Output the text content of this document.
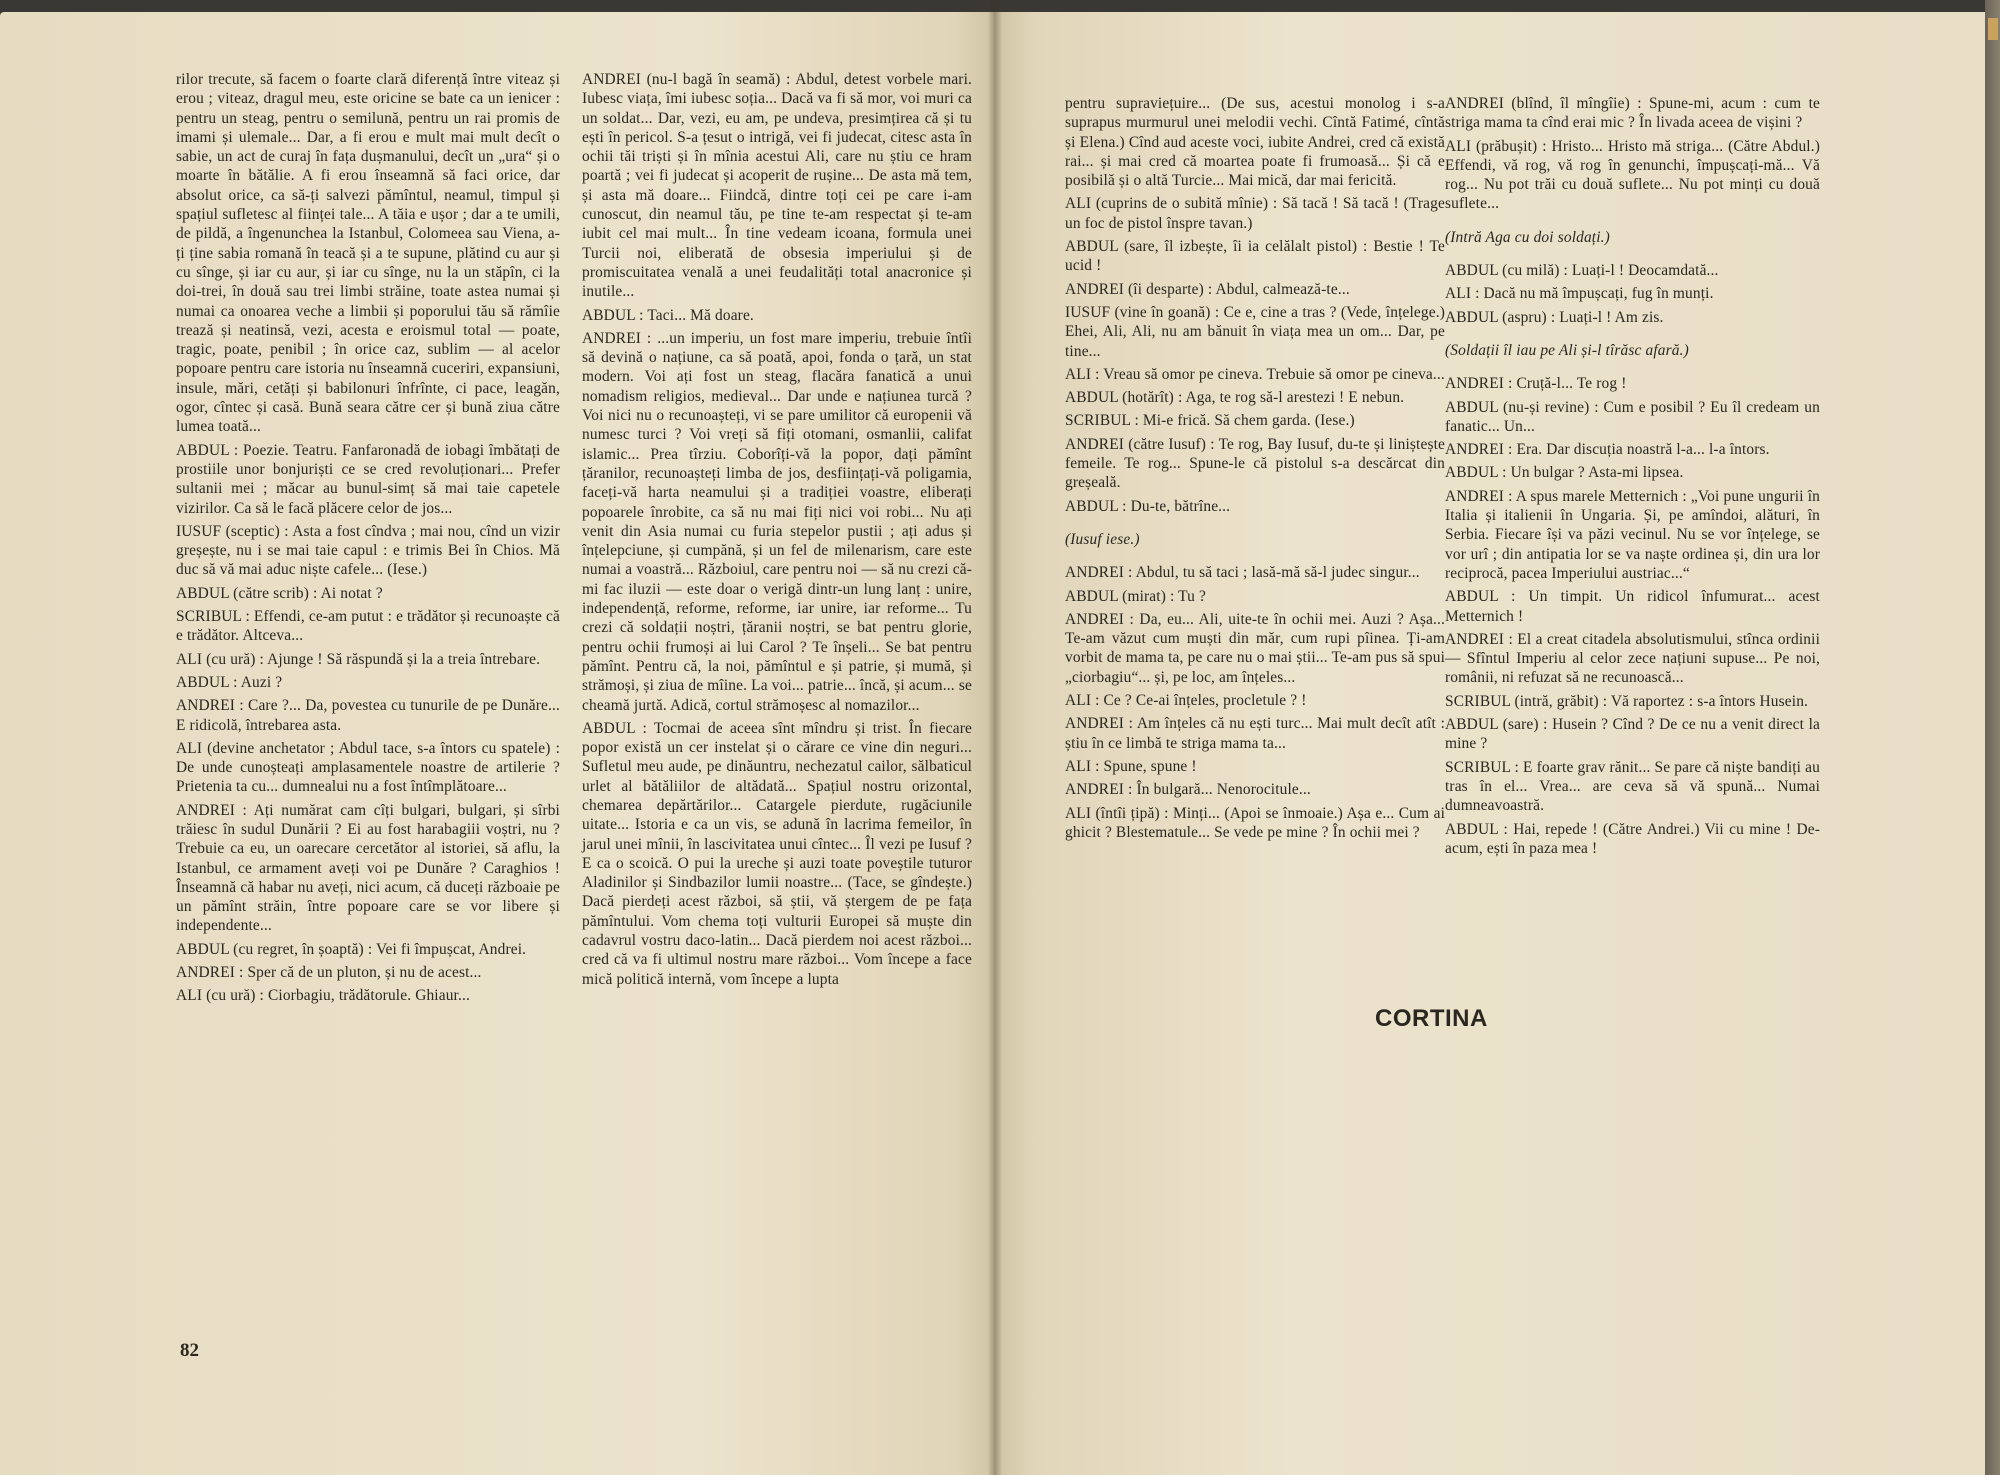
rilor trecute, să facem o foarte clară diferență între viteaz și erou ; viteaz, dragul meu, este oricine se bate ca un ienicer : pentru un steag, pentru o semilună, pentru un rai promis de imami și ulemale... Dar, a fi erou e mult mai mult decît o sabie, un act de curaj în fața dușmanului, decît un „ura“ și o moarte în bătălie. A fi erou înseamnă să faci orice, dar absolut orice, ca să-ți salvezi pămîntul, neamul, timpul și spațiul sufletesc al ființei tale... A tăia e ușor ; dar a te umili, de pildă, a îngenunchea la Istanbul, Colomeea sau Viena, a-ți ține sabia romană în teacă și a te supune, plătind cu aur și cu sînge, și iar cu aur, și iar cu sînge, nu la un stăpîn, ci la doi-trei, în două sau trei limbi străine, toate astea numai și numai ca onoarea veche a limbii și poporului tău să rămîie trează și neatinsă, vezi, acesta e eroismul total — poate, tragic, poate, penibil ; în orice caz, sublim — al acelor popoare pentru care istoria nu înseamnă cuceriri, expansiuni, insule, mări, cetăți și babilonuri înfrînte, ci pace, leagăn, ogor, cîntec și casă. Bună seara către cer și bună ziua către lumea toată...

ABDUL : Poezie. Teatru. Fanfaronadă de iobagi îmbătați de prostiile unor bonjuriști ce se cred revoluționari... Prefer sultanii mei ; măcar au bunul-simț să mai taie capetele vizirilor. Ca să le facă plăcere celor de jos...

IUSUF (sceptic) : Asta a fost cîndva ; mai nou, cînd un vizir greșește, nu i se mai taie capul : e trimis Bei în Chios. Mă duc să vă mai aduc niște cafele... (Iese.)

ABDUL (către scrib) : Ai notat ?

SCRIBUL : Effendi, ce-am putut : e trădător și recunoaște că e trădător. Altceva...

ALI (cu ură) : Ajunge ! Să răspundă și la a treia întrebare.

ABDUL : Auzi ?

ANDREI : Care ?... Da, povestea cu tunurile de pe Dunăre... E ridicolă, întrebarea asta.

ALI (devine anchetator ; Abdul tace, s-a întors cu spatele) : De unde cunoșteați amplasamentele noastre de artilerie ? Prietenia ta cu... dumnealui nu a fost întîmplătoare...

ANDREI : Ați numărat cam cîți bulgari, bulgari, și sîrbi trăiesc în sudul Dunării ? Ei au fost harabagiii voștri, nu ? Trebuie ca eu, un oarecare cercetător al istoriei, să aflu, la Istanbul, ce armament aveți voi pe Dunăre ? Caraghios ! Înseamnă că habar nu aveți, nici acum, că duceți războaie pe un pămînt străin, între popoare care se vor libere și independente...

ABDUL (cu regret, în șoaptă) : Vei fi împușcat, Andrei.

ANDREI : Sper că de un pluton, și nu de acest...

ALI (cu ură) : Ciorbagiu, trădătorule. Ghiaur...

ANDREI (nu-l bagă în seamă) : Abdul, detest vorbele mari. Iubesc viața, îmi iubesc soția... Dacă va fi să mor, voi muri ca un soldat... Dar, vezi, eu am, pe undeva, presimțirea că și tu ești în pericol. S-a țesut o intrigă, vei fi judecat, citesc asta în ochii tăi triști și în mînia acestui Ali, care nu știu ce hram poartă ; vei fi judecat și acoperit de rușine... De asta mă tem, și asta mă doare... Fiindcă, dintre toți cei pe care i-am cunoscut, din neamul tău, pe tine te-am respectat și te-am iubit cel mai mult... În tine vedeam icoana, formula unei Turcii noi, eliberată de obsesia imperiului și de promiscuitatea venală a unei feudalități total anacronice și inutile...

ABDUL : Taci... Mă doare.

ANDREI : ...un imperiu, un fost mare imperiu, trebuie întîi să devină o națiune, ca să poată, apoi, fonda o țară, un stat modern. Voi ați fost un steag, flacăra fanatică a unui nomadism religios, medieval... Dar unde e națiunea turcă ? Voi nici nu o recunoașteți, vi se pare umilitor că europenii vă numesc turci ? Voi vreți să fiți otomani, osmanlii, califat islamic... Prea tîrziu. Coborîți-vă la popor, dați pămînt țăranilor, recunoașteți limba de jos, desființați-vă poligamia, faceți-vă harta neamului și a tradiției voastre, eliberați popoarele înrobite, ca să nu mai fiți nici voi robi... Nu ați venit din Asia numai cu furia stepelor pustii ; ați adus și înțelepciune, și cumpănă, și un fel de milenarism, care este numai a voastră... Războiul, care pentru noi — să nu crezi că-mi fac iluzii — este doar o verigă dintr-un lung lanț : unire, independență, reforme, reforme, iar unire, iar reforme... Tu crezi că soldații noștri, țăranii noștri, se bat pentru glorie, pentru ochii frumoși ai lui Carol ? Te înșeli... Se bat pentru pămînt. Pentru că, la noi, pămîntul e și patrie, și mumă, și strămoși, și ziua de mîine. La voi... patrie... încă, și acum... se cheamă jurtă. Adică, cortul strămoșesc al nomazilor...

ABDUL : Tocmai de aceea sînt mîndru și trist. În fiecare popor există un cer instelat și o cărare ce vine din neguri... Sufletul meu aude, pe dinăuntru, nechezatul cailor, sălbaticul urlet al bătăliilor de altădată... Spațiul nostru orizontal, chemarea depărtărilor... Catargele pierdute, rugăciunile uitate... Istoria e ca un vis, se adună în lacrima femeilor, în jarul unei mînii, în lascivitatea unui cîntec... Îl vezi pe Iusuf ? E ca o scoică. O pui la ureche și auzi toate poveștile tuturor Aladinilor și Sindbazilor lumii noastre... (Tace, se gîndește.) Dacă pierdeți acest război, să știi, vă ștergem de pe fața pămîntului. Vom chema toți vulturii Europei să muște din cadavrul vostru daco-latin... Dacă pierdem noi acest război... cred că va fi ultimul nostru mare război... Vom începe a face mică politică internă, vom începe a lupta

82

pentru supraviețuire... (De sus, acestui monolog i s-a suprapus murmurul unei melodii vechi. Cîntă Fatimé, cîntă și Elena.) Cînd aud aceste voci, iubite Andrei, cred că există rai... și mai cred că moartea poate fi frumoasă... Și că e posibilă și o altă Turcie... Mai mică, dar mai fericită.

ALI (cuprins de o subită mînie) : Să tacă ! Să tacă ! (Trage un foc de pistol înspre tavan.)

ABDUL (sare, îl izbește, îi ia celălalt pistol) : Bestie ! Te ucid !

ANDREI (îi desparte) : Abdul, calmează-te...

IUSUF (vine în goană) : Ce e, cine a tras ? (Vede, înțelege.) Ehei, Ali, Ali, nu am bănuit în viața mea un om... Dar, pe tine...

ALI : Vreau să omor pe cineva. Trebuie să omor pe cineva...

ABDUL (hotărît) : Aga, te rog să-l arestezi ! E nebun.

SCRIBUL : Mi-e frică. Să chem garda. (Iese.)

ANDREI (către Iusuf) : Te rog, Bay Iusuf, du-te și liniștește femeile. Te rog... Spune-le că pistolul s-a descărcat din greșeală.

ABDUL : Du-te, bătrîne...

(Iusuf iese.)

ANDREI : Abdul, tu să taci ; lasă-mă să-l judec singur...

ABDUL (mirat) : Tu ?

ANDREI : Da, eu... Ali, uite-te în ochii mei. Auzi ? Așa... Te-am văzut cum muști din măr, cum rupi pîinea. Ți-am vorbit de mama ta, pe care nu o mai știi... Te-am pus să spui „ciorbagiu“... și, pe loc, am înțeles...

ALI : Ce ? Ce-ai înțeles, procletule ? !

ANDREI : Am înțeles că nu ești turc... Mai mult decît atît : știu în ce limbă te striga mama ta...

ALI : Spune, spune !

ANDREI : În bulgară... Nenorocitule...

ALI (întîi țipă) : Minți... (Apoi se înmoaie.) Așa e... Cum ai ghicit ? Blestematule... Se vede pe mine ? În ochii mei ?

ANDREI (blînd, îl mîngîie) : Spune-mi, acum : cum te striga mama ta cînd erai mic ? În livada aceea de vișini ?

ALI (prăbușit) : Hristo... Hristo mă striga... (Către Abdul.) Effendi, vă rog, vă rog în genunchi, împușcați-mă... Vă rog... Nu pot trăi cu două suflete... Nu pot minți cu două suflete...

(Intră Aga cu doi soldați.)

ABDUL (cu milă) : Luați-l ! Deocamdată...

ALI : Dacă nu mă împușcați, fug în munți.

ABDUL (aspru) : Luați-l ! Am zis.

(Soldații îl iau pe Ali și-l tîrăsc afară.)

ANDREI : Cruță-l... Te rog !

ABDUL (nu-și revine) : Cum e posibil ? Eu îl credeam un fanatic... Un...

ANDREI : Era. Dar discuția noastră l-a... l-a întors.

ABDUL : Un bulgar ? Asta-mi lipsea.

ANDREI : A spus marele Metternich : „Voi pune ungurii în Italia și italienii în Ungaria. Și, pe amîndoi, alături, în Serbia. Fiecare își va păzi vecinul. Nu se vor înțelege, se vor urî ; din antipatia lor se va naște ordinea și, din ura lor reciprocă, pacea Imperiului austriac...“

ABDUL : Un timpit. Un ridicol înfumurat... acest Metternich !

ANDREI : El a creat citadela absolutismului, stînca ordinii — Sfîntul Imperiu al celor zece națiuni supuse... Pe noi, românii, ni refuzat să ne recunoască...

SCRIBUL (intră, grăbit) : Vă raportez : s-a întors Husein.

ABDUL (sare) : Husein ? Cînd ? De ce nu a venit direct la mine ?

SCRIBUL : E foarte grav rănit... Se pare că niște bandiți au tras în el... Vrea... are ceva să vă spună... Numai dumneavoastră.

ABDUL : Hai, repede ! (Către Andrei.) Vii cu mine ! De-acum, ești în paza mea !

CORTINA
